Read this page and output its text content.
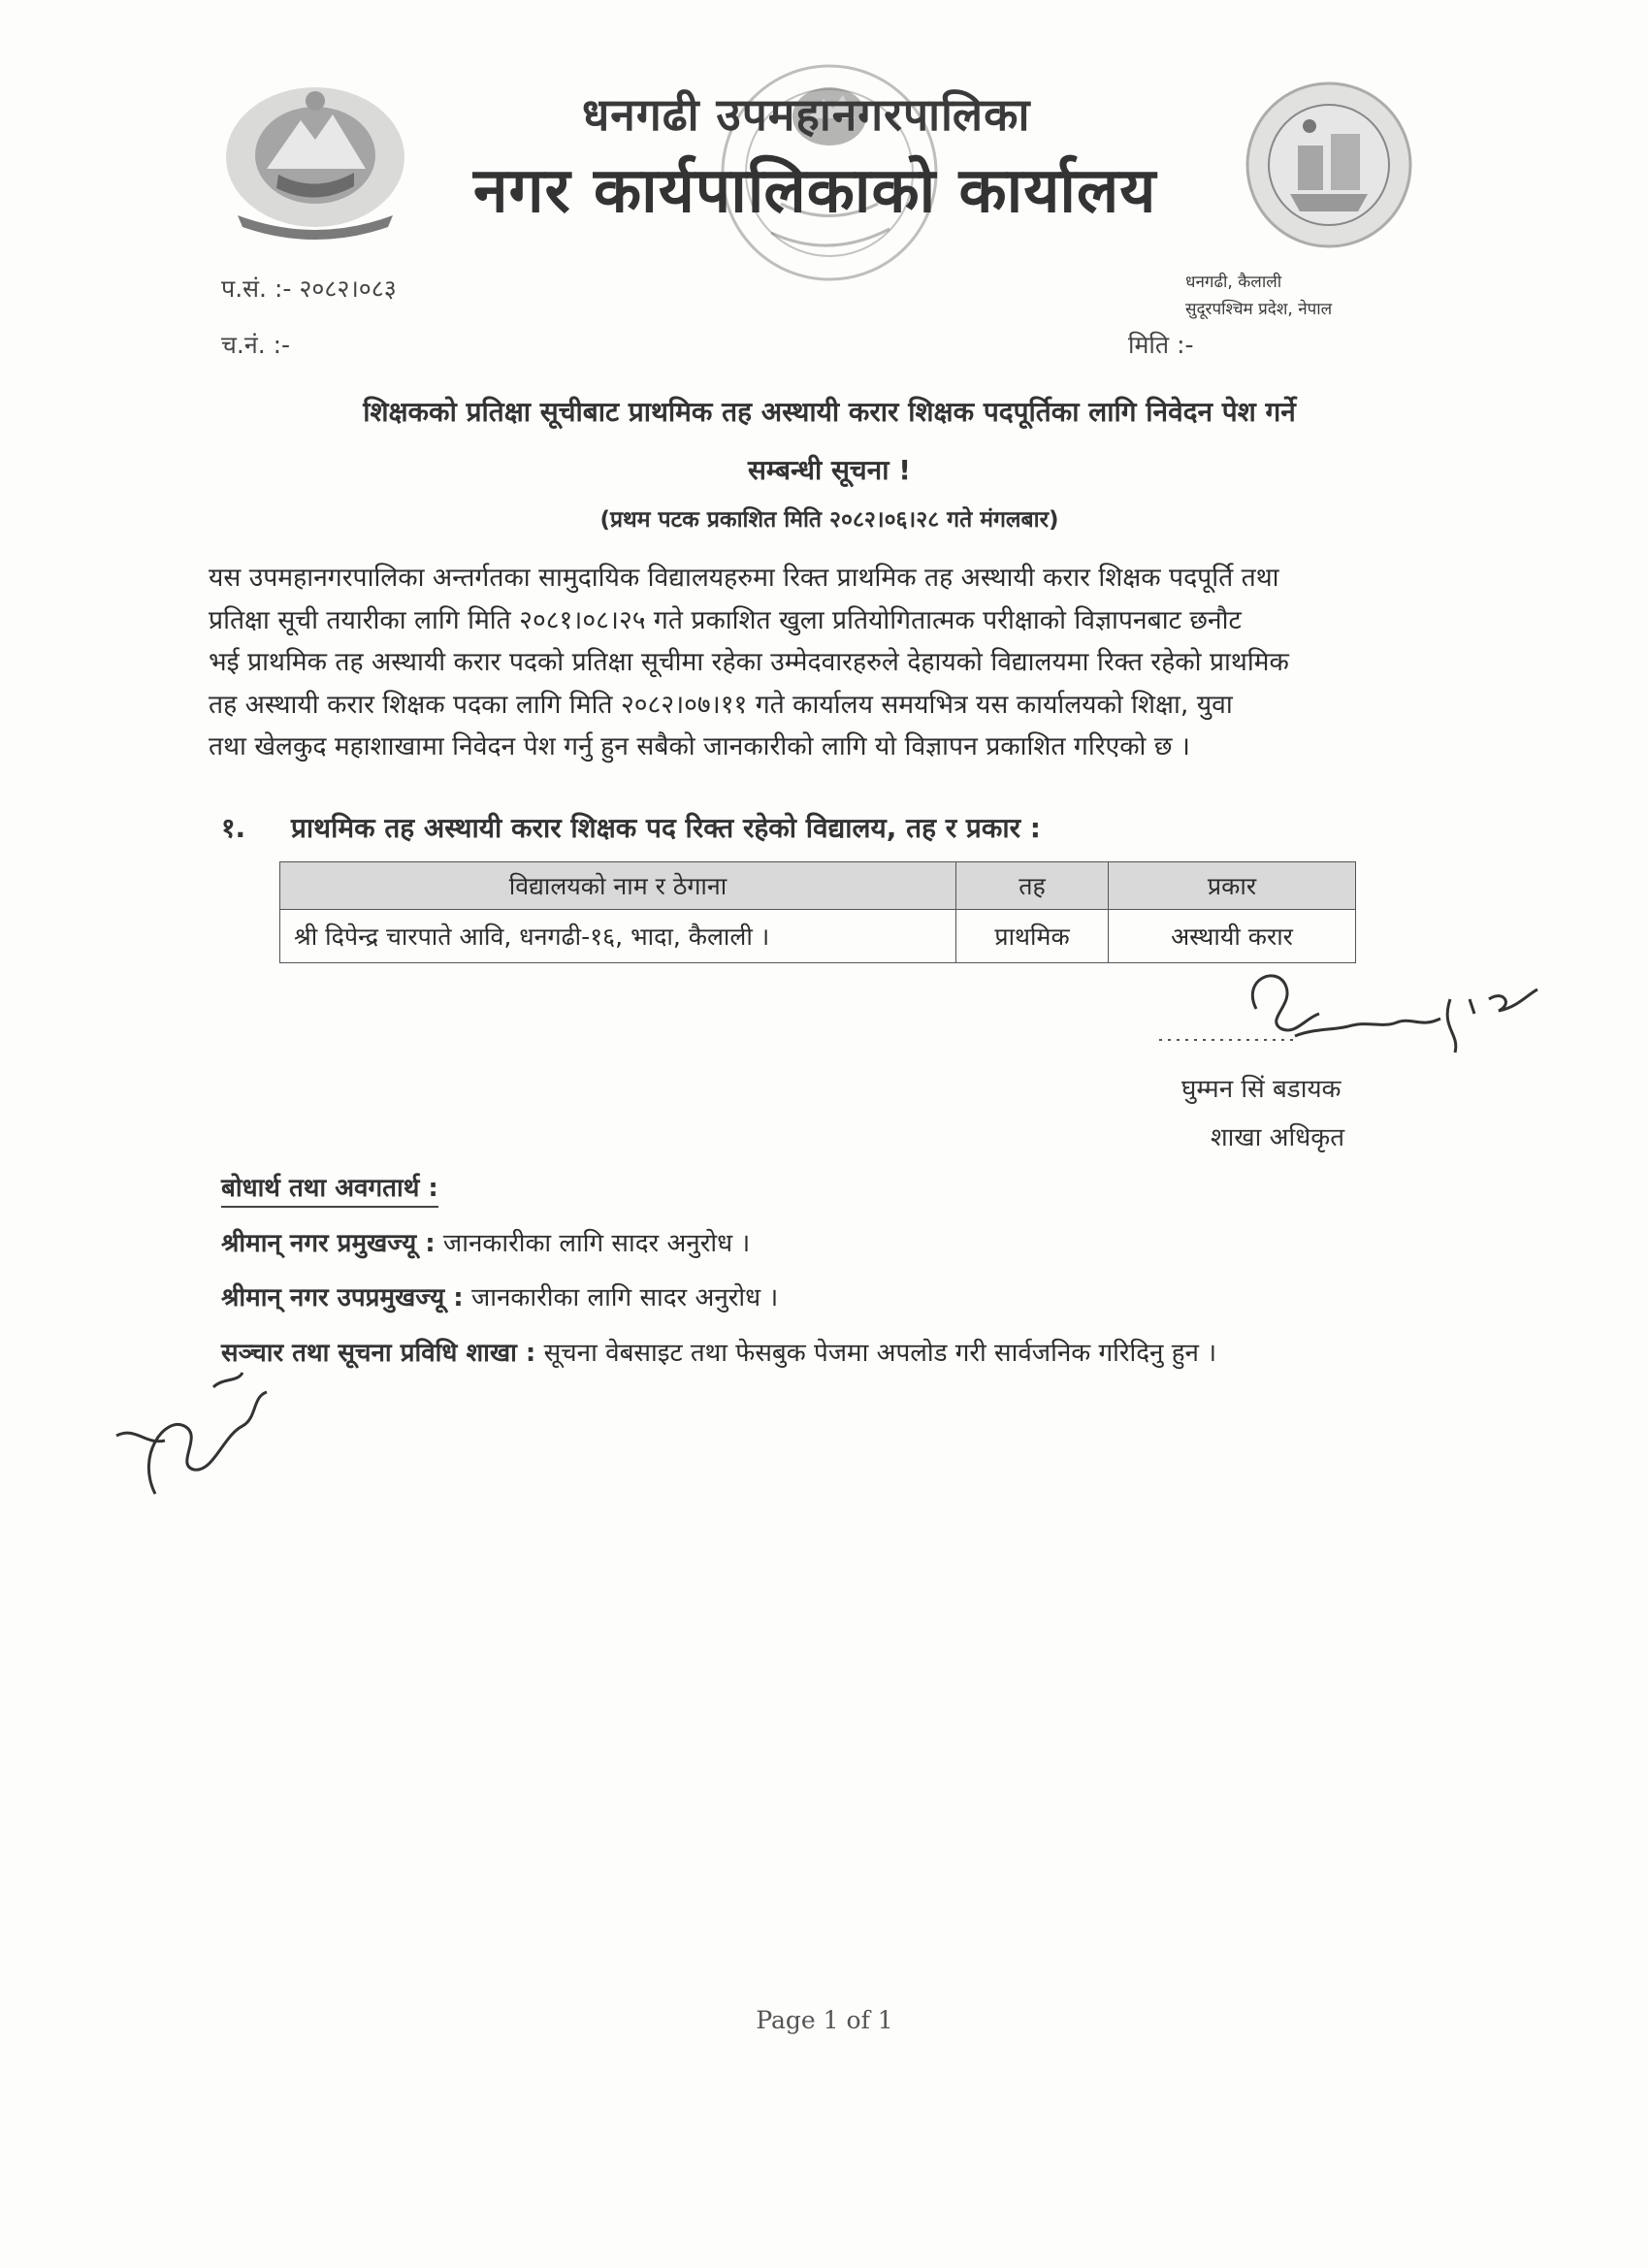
धनगढी उपमहानगरपालिका
नगर कार्यपालिकाको कार्यालय
धनगढी, कैलाली
सुदूरपश्चिम प्रदेश, नेपाल
प.सं. :- २०८२।०८३
च.नं. :-	मिति :-
शिक्षकको प्रतिक्षा सूचीबाट प्राथमिक तह अस्थायी करार शिक्षक पदपूर्तिका लागि निवेदन पेश गर्ने
सम्बन्धी सूचना !
(प्रथम पटक प्रकाशित मिति २०८२।०६।२८ गते मंगलबार)
यस उपमहानगरपालिका अन्तर्गतका सामुदायिक विद्यालयहरुमा रिक्त प्राथमिक तह अस्थायी करार शिक्षक पदपूर्ति तथा
प्रतिक्षा सूची तयारीका लागि मिति २०८१।०८।२५ गते प्रकाशित खुला प्रतियोगितात्मक परीक्षाको विज्ञापनबाट छनौट
भई प्राथमिक तह अस्थायी करार पदको प्रतिक्षा सूचीमा रहेका उम्मेदवारहरुले देहायको विद्यालयमा रिक्त रहेको प्राथमिक
तह अस्थायी करार शिक्षक पदका लागि मिति २०८२।०७।११ गते कार्यालय समयभित्र यस कार्यालयको शिक्षा, युवा
तथा खेलकुद महाशाखामा निवेदन पेश गर्नु हुन सबैको जानकारीको लागि यो विज्ञापन प्रकाशित गरिएको छ ।
१. प्राथमिक तह अस्थायी करार शिक्षक पद रिक्त रहेको विद्यालय, तह र प्रकार :
विद्यालयको नाम र ठेगाना	तह	प्रकार
श्री दिपेन्द्र चारपाते आवि, धनगढी-१६, भादा, कैलाली ।	प्राथमिक	अस्थायी करार
घुम्मन सिं बडायक
शाखा अधिकृत
बोधार्थ तथा अवगतार्थ :
श्रीमान् नगर प्रमुखज्यू : जानकारीका लागि सादर अनुरोध ।
श्रीमान् नगर उपप्रमुखज्यू : जानकारीका लागि सादर अनुरोध ।
सञ्चार तथा सूचना प्रविधि शाखा : सूचना वेबसाइट तथा फेसबुक पेजमा अपलोड गरी सार्वजनिक गरिदिनु हुन ।
Page 1 of 1
